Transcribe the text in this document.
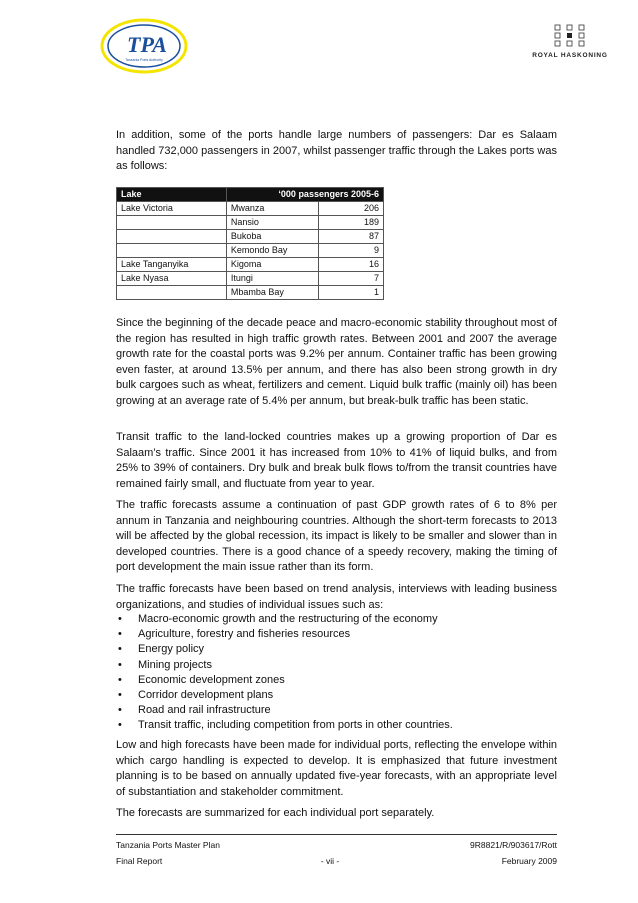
TPA
Tanzania Ports Authority
ROYAL HASKONING

In addition, some of the ports handle large numbers of passengers: Dar es Salaam handled 732,000 passengers in 2007, whilst passenger traffic through the Lakes ports was as follows:

Lake	‘000 passengers 2005-6	
Lake Victoria	Mwanza	206
	Nansio	189
	Bukoba	87
	Kemondo Bay	9
Lake Tanganyika	Kigoma	16
Lake Nyasa	Itungi	7
	Mbamba Bay	1

Since the beginning of the decade peace and macro-economic stability throughout most of the region has resulted in high traffic growth rates. Between 2001 and 2007 the average growth rate for the coastal ports was 9.2% per annum. Container traffic has been growing even faster, at around 13.5% per annum, and there has also been strong growth in dry bulk cargoes such as wheat, fertilizers and cement. Liquid bulk traffic (mainly oil) has been growing at an average rate of 5.4% per annum, but break-bulk traffic has been static.

Transit traffic to the land-locked countries makes up a growing proportion of Dar es Salaam’s traffic. Since 2001 it has increased from 10% to 41% of liquid bulks, and from 25% to 39% of containers. Dry bulk and break bulk flows to/from the transit countries have remained fairly small, and fluctuate from year to year.

The traffic forecasts assume a continuation of past GDP growth rates of 6 to 8% per annum in Tanzania and neighbouring countries. Although the short-term forecasts to 2013 will be affected by the global recession, its impact is likely to be smaller and slower than in developed countries. There is a good chance of a speedy recovery, making the timing of port development the main issue rather than its form.

The traffic forecasts have been based on trend analysis, interviews with leading business organizations, and studies of individual issues such as:

• Macro-economic growth and the restructuring of the economy
• Agriculture, forestry and fisheries resources
• Energy policy
• Mining projects
• Economic development zones
• Corridor development plans
• Road and rail infrastructure
• Transit traffic, including competition from ports in other countries.

Low and high forecasts have been made for individual ports, reflecting the envelope within which cargo handling is expected to develop. It is emphasized that future investment planning is to be based on annually updated five-year forecasts, with an appropriate level of substantiation and stakeholder commitment.

The forecasts are summarized for each individual port separately.

Tanzania Ports Master Plan
Final Report	- vii -
9R8821/R/903617/Rott
February 2009
